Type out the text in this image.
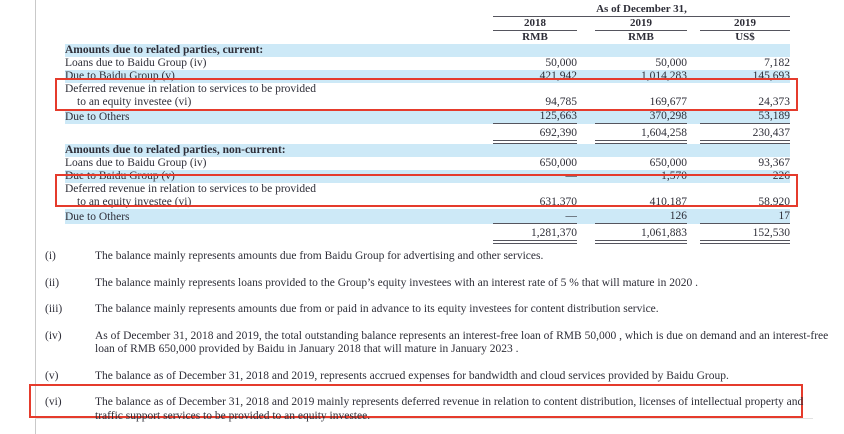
	As of December 31,				
	2018		2019		2019
	RMB		RMB		US$
Amounts due to related parties, current:					
Loans due to Baidu Group (iv)	50,000		50,000		7,182
Due to Baidu Group (v)	421,942		1,014,283		145,693
Deferred revenue in relation to services to be provided					
to an equity investee (vi)	94,785		169,677		24,373
Due to Others	125,663		370,298		53,189
	692,390		1,604,258		230,437
Amounts due to related parties, non-current:					
Loans due to Baidu Group (iv)	650,000		650,000		93,367
Due to Baidu Group (v)	—		1,570		226
Deferred revenue in relation to services to be provided					
to an equity investee (vi)	631,370		410,187		58,920
Due to Others	—		126		17
	1,281,370		1,061,883		152,530
(i)	The balance mainly represents amounts due from Baidu Group for advertising and other services.
(ii)	The balance mainly represents loans provided to the Group’s equity investees with an interest rate of 5 % that will mature in 2020 .
(iii)	The balance mainly represents amounts due from or paid in advance to its equity investees for content distribution service.
(iv)	As of December 31, 2018 and 2019, the total outstanding balance represents an interest-free loan of RMB 50,000 , which is due on demand and an interest-free loan of RMB 650,000 provided by Baidu in January 2018 that will mature in January 2023 .
(v)	The balance as of December 31, 2018 and 2019, represents accrued expenses for bandwidth and cloud services provided by Baidu Group.
(vi)	The balance as of December 31, 2018 and 2019 mainly represents deferred revenue in relation to content distribution, licenses of intellectual property and traffic support services to be provided to an equity investee.
